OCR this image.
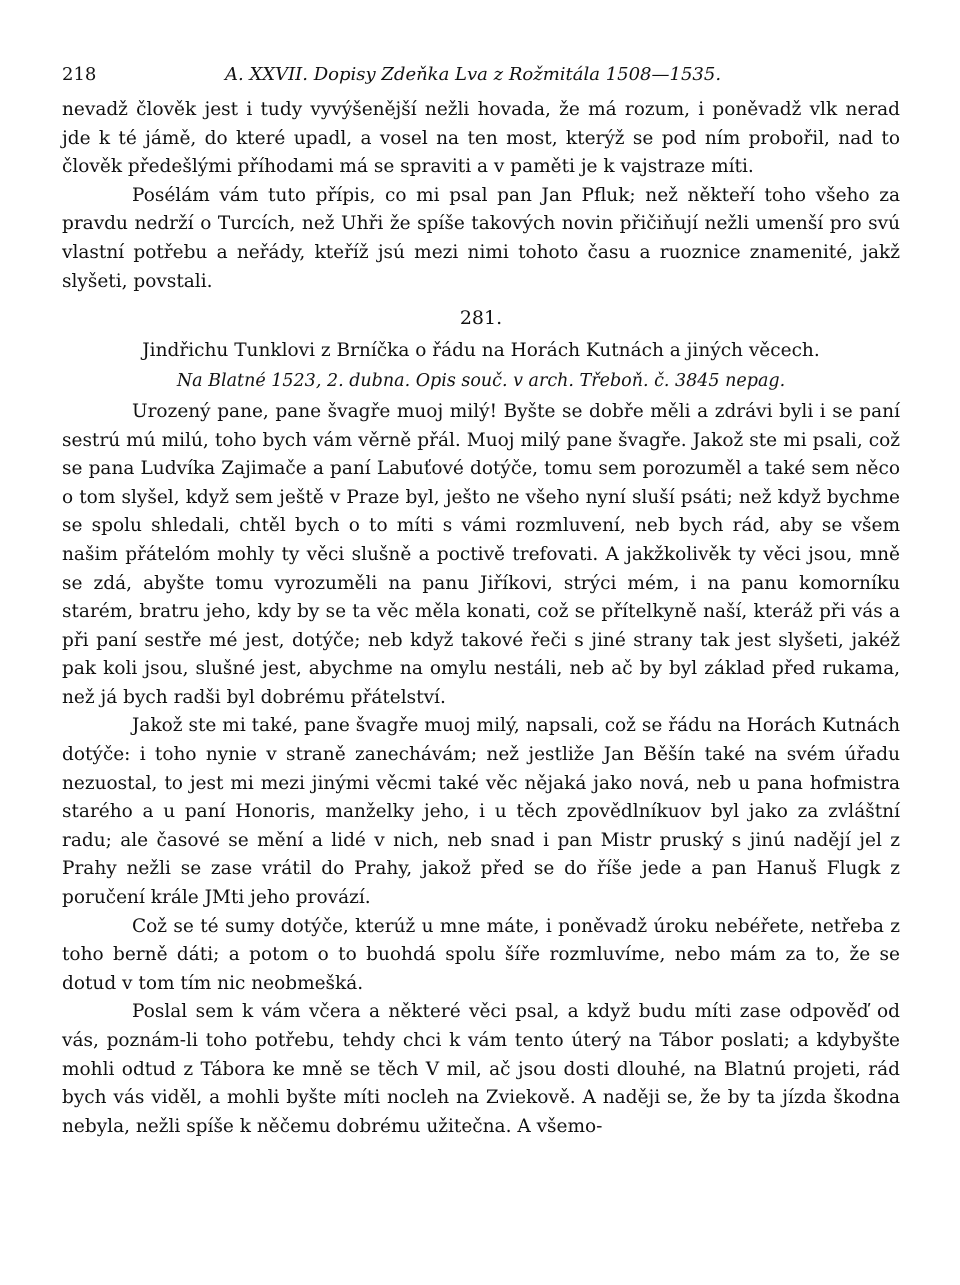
218	A. XXVII. Dopisy Zdeňka Lva z Rožmitála 1508—1535.

nevadž člověk jest i tudy vyvýšenější nežli hovada, že má rozum, i poněvadž vlk nerad jde k té jámě, do které upadl, a vosel na ten most, kterýž se pod ním probořil, nad to člověk předešlými příhodami má se spraviti a v paměti je k vajstraze míti.

Posélám vám tuto přípis, co mi psal pan Jan Pfluk; než někteří toho všeho za pravdu nedrží o Turcích, než Uhři že spíše takových novin přičiňují nežli umenší pro svú vlastní potřebu a neřády, kteříž jsú mezi nimi tohoto času a ruoznice znamenité, jakž slyšeti, povstali.

281.
Jindřichu Tunklovi z Brníčka o řádu na Horách Kutnách a jiných věcech.
Na Blatné 1523, 2. dubna. Opis souč. v arch. Třeboň. č. 3845 nepag.

Urozený pane, pane švagře muoj milý! Byšte se dobře měli a zdrávi byli i se paní sestrú mú milú, toho bych vám věrně přál. Muoj milý pane švagře. Jakož ste mi psali, což se pana Ludvíka Zajimače a paní Labuťové dotýče, tomu sem porozuměl a také sem něco o tom slyšel, když sem ještě v Praze byl, ješto ne všeho nyní sluší psáti; než když bychme se spolu shledali, chtěl bych o to míti s vámi rozmluvení, neb bych rád, aby se všem našim přátelóm mohly ty věci slušně a poctivě trefovati. A jakžkolivěk ty věci jsou, mně se zdá, abyšte tomu vyrozuměli na panu Jiříkovi, strýci mém, i na panu komorníku starém, bratru jeho, kdy by se ta věc měla konati, což se přítelkyně naší, kteráž při vás a při paní sestře mé jest, dotýče; neb když takové řeči s jiné strany tak jest slyšeti, jakéž pak koli jsou, slušné jest, abychme na omylu nestáli, neb ač by byl základ před rukama, než já bych radši byl dobrému přátelství.

Jakož ste mi také, pane švagře muoj milý, napsali, což se řádu na Horách Kutnách dotýče: i toho nynie v straně zanechávám; než jestliže Jan Běšín také na svém úřadu nezuostal, to jest mi mezi jinými věcmi také věc nějaká jako nová, neb u pana hofmistra starého a u paní Honoris, manželky jeho, i u těch zpovědlníkuov byl jako za zvláštní radu; ale časové se mění a lidé v nich, neb snad i pan Mistr pruský s jinú nadějí jel z Prahy nežli se zase vrátil do Prahy, jakož před se do říše jede a pan Hanuš Flugk z poručení krále JMti jeho provází.

Což se té sumy dotýče, kterúž u mne máte, i poněvadž úroku nebéřete, netřeba z toho berně dáti; a potom o to buohdá spolu šíře rozmluvíme, nebo mám za to, že se dotud v tom tím nic neobmešká.

Poslal sem k vám včera a některé věci psal, a když budu míti zase odpověď od vás, poznám-li toho potřebu, tehdy chci k vám tento úterý na Tábor poslati; a kdybyšte mohli odtud z Tábora ke mně se těch V mil, ač jsou dosti dlouhé, na Blatnú projeti, rád bych vás viděl, a mohli byšte míti nocleh na Zviekově. A naději se, že by ta jízda škodna nebyla, nežli spíše k něčemu dobrému užitečna. A všemo-
